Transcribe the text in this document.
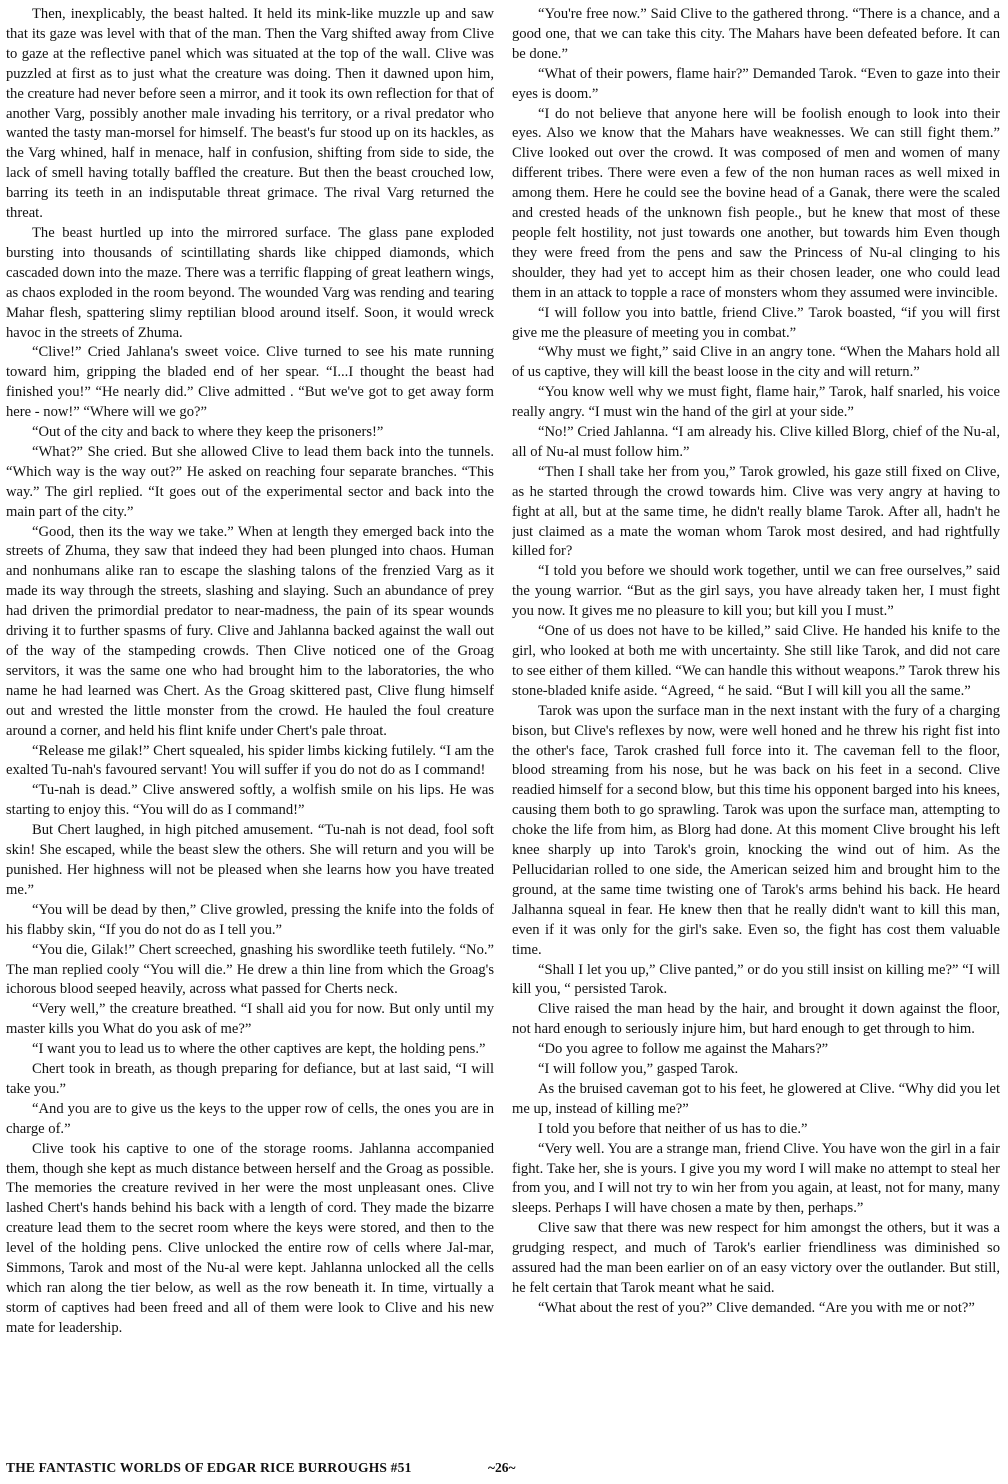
Then, inexplicably, the beast halted. It held its mink-like muzzle up and saw that its gaze was level with that of the man. Then the Varg shifted away from Clive to gaze at the reflective panel which was situated at the top of the wall. Clive was puzzled at first as to just what the creature was doing. Then it dawned upon him, the creature had never before seen a mirror, and it took its own reflection for that of another Varg, possibly another male invading his territory, or a rival predator who wanted the tasty man-morsel for himself. The beast's fur stood up on its hackles, as the Varg whined, half in menace, half in confusion, shifting from side to side, the lack of smell having totally baffled the creature. But then the beast crouched low, barring its teeth in an indisputable threat grimace. The rival Varg returned the threat.

The beast hurtled up into the mirrored surface. The glass pane exploded bursting into thousands of scintillating shards like chipped diamonds, which cascaded down into the maze. There was a terrific flapping of great leathern wings, as chaos exploded in the room beyond. The wounded Varg was rending and tearing Mahar flesh, spattering slimy reptilian blood around itself. Soon, it would wreck havoc in the streets of Zhuma.

“Clive!” Cried Jahlana's sweet voice. Clive turned to see his mate running toward him, gripping the bladed end of her spear. “I...I thought the beast had finished you!” “He nearly did.” Clive admitted . “But we've got to get away form here - now!” “Where will we go?”

“Out of the city and back to where they keep the prisoners!”

“What?” She cried. But she allowed Clive to lead them back into the tunnels. “Which way is the way out?” He asked on reaching four separate branches. “This way.” The girl replied. “It goes out of the experimental sector and back into the main part of the city.”

“Good, then its the way we take.” When at length they emerged back into the streets of Zhuma, they saw that indeed they had been plunged into chaos. Human and nonhumans alike ran to escape the slashing talons of the frenzied Varg as it made its way through the streets, slashing and slaying. Such an abundance of prey had driven the primordial predator to near-madness, the pain of its spear wounds driving it to further spasms of fury. Clive and Jahlanna backed against the wall out of the way of the stampeding crowds. Then Clive noticed one of the Groag servitors, it was the same one who had brought him to the laboratories, the who name he had learned was Chert. As the Groag skittered past, Clive flung himself out and wrested the little monster from the crowd. He hauled the foul creature around a corner, and held his flint knife under Chert's pale throat.

“Release me gilak!” Chert squealed, his spider limbs kicking futilely. “I am the exalted Tu-nah's favoured servant! You will suffer if you do not do as I command!

“Tu-nah is dead.” Clive answered softly, a wolfish smile on his lips. He was starting to enjoy this. “You will do as I command!”

But Chert laughed, in high pitched amusement. “Tu-nah is not dead, fool soft skin! She escaped, while the beast slew the others. She will return and you will be punished. Her highness will not be pleased when she learns how you have treated me.”

“You will be dead by then,” Clive growled, pressing the knife into the folds of his flabby skin, “If you do not do as I tell you.”

“You die, Gilak!” Chert screeched, gnashing his swordlike teeth futilely. “No.” The man replied cooly “You will die.” He drew a thin line from which the Groag's ichorous blood seeped heavily, across what passed for Cherts neck.

“Very well,” the creature breathed. “I shall aid you for now. But only until my master kills you What do you ask of me?”

“I want you to lead us to where the other captives are kept, the holding pens.”

Chert took in breath, as though preparing for defiance, but at last said, “I will take you.”

“And you are to give us the keys to the upper row of cells, the ones you are in charge of.”

Clive took his captive to one of the storage rooms. Jahlanna accompanied them, though she kept as much distance between herself and the Groag as possible. The memories the creature revived in her were the most unpleasant ones. Clive lashed Chert's hands behind his back with a length of cord. They made the bizarre creature lead them to the secret room where the keys were stored, and then to the level of the holding pens. Clive unlocked the entire row of cells where Jal-mar, Simmons, Tarok and most of the Nu-al were kept. Jahlanna unlocked all the cells which ran along the tier below, as well as the row beneath it. In time, virtually a storm of captives had been freed and all of them were look to Clive and his new mate for leadership.

“You're free now.” Said Clive to the gathered throng. “There is a chance, and a good one, that we can take this city. The Mahars have been defeated before. It can be done.”

“What of their powers, flame hair?” Demanded Tarok. “Even to gaze into their eyes is doom.”

“I do not believe that anyone here will be foolish enough to look into their eyes. Also we know that the Mahars have weaknesses. We can still fight them.” Clive looked out over the crowd. It was composed of men and women of many different tribes. There were even a few of the non human races as well mixed in among them. Here he could see the bovine head of a Ganak, there were the scaled and crested heads of the unknown fish people., but he knew that most of these people felt hostility, not just towards one another, but towards him Even though they were freed from the pens and saw the Princess of Nu-al clinging to his shoulder, they had yet to accept him as their chosen leader, one who could lead them in an attack to topple a race of monsters whom they assumed were invincible.

“I will follow you into battle, friend Clive.” Tarok boasted, “if you will first give me the pleasure of meeting you in combat.”

“Why must we fight,” said Clive in an angry tone. “When the Mahars hold all of us captive, they will kill the beast loose in the city and will return.”

“You know well why we must fight, flame hair,” Tarok, half snarled, his voice really angry. “I must win the hand of the girl at your side.”

“No!” Cried Jahlanna. “I am already his. Clive killed Blorg, chief of the Nu-al, all of Nu-al must follow him.”

“Then I shall take her from you,” Tarok growled, his gaze still fixed on Clive, as he started through the crowd towards him. Clive was very angry at having to fight at all, but at the same time, he didn't really blame Tarok. After all, hadn't he just claimed as a mate the woman whom Tarok most desired, and had rightfully killed for?

“I told you before we should work together, until we can free ourselves,” said the young warrior. “But as the girl says, you have already taken her, I must fight you now. It gives me no pleasure to kill you; but kill you I must.”

“One of us does not have to be killed,” said Clive. He handed his knife to the girl, who looked at both me with uncertainty. She still like Tarok, and did not care to see either of them killed. “We can handle this without weapons.” Tarok threw his stone-bladed knife aside. “Agreed, “ he said. “But I will kill you all the same.”

Tarok was upon the surface man in the next instant with the fury of a charging bison, but Clive's reflexes by now, were well honed and he threw his right fist into the other's face, Tarok crashed full force into it. The caveman fell to the floor, blood streaming from his nose, but he was back on his feet in a second. Clive readied himself for a second blow, but this time his opponent barged into his knees, causing them both to go sprawling. Tarok was upon the surface man, attempting to choke the life from him, as Blorg had done. At this moment Clive brought his left knee sharply up into Tarok's groin, knocking the wind out of him. As the Pellucidarian rolled to one side, the American seized him and brought him to the ground, at the same time twisting one of Tarok's arms behind his back. He heard Jalhanna squeal in fear. He knew then that he really didn't want to kill this man, even if it was only for the girl's sake. Even so, the fight has cost them valuable time.

“Shall I let you up,” Clive panted,” or do you still insist on killing me?” “I will kill you, “ persisted Tarok.

Clive raised the man head by the hair, and brought it down against the floor, not hard enough to seriously injure him, but hard enough to get through to him.

“Do you agree to follow me against the Mahars?”

“I will follow you,” gasped Tarok.

As the bruised caveman got to his feet, he glowered at Clive. “Why did you let me up, instead of killing me?”

I told you before that neither of us has to die.”

“Very well. You are a strange man, friend Clive. You have won the girl in a fair fight. Take her, she is yours. I give you my word I will make no attempt to steal her from you, and I will not try to win her from you again, at least, not for many, many sleeps. Perhaps I will have chosen a mate by then, perhaps.”

Clive saw that there was new respect for him amongst the others, but it was a grudging respect, and much of Tarok's earlier friendliness was diminished so assured had the man been earlier on of an easy victory over the outlander. But still, he felt certain that Tarok meant what he said.

“What about the rest of you?” Clive demanded. “Are you with me or not?”

THE FANTASTIC WORLDS OF EDGAR RICE BURROUGHS #51	~26~
